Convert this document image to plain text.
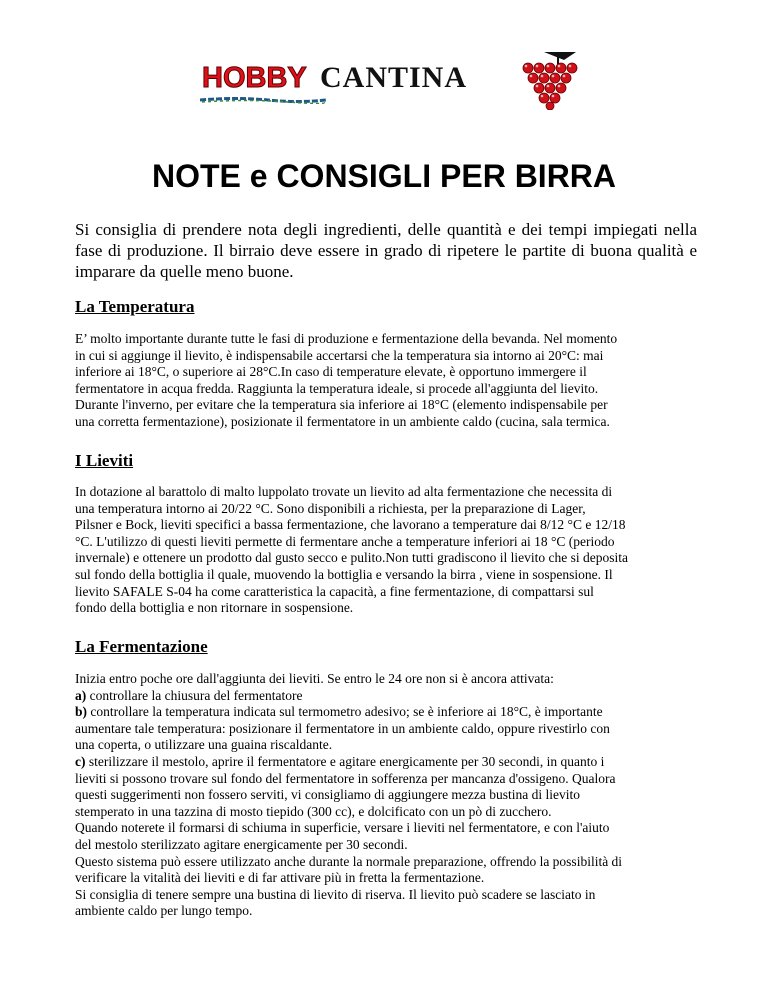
HOBBY CANTINA
NOTE e CONSIGLI PER BIRRA

Si consiglia di prendere nota degli ingredienti, delle quantità e dei tempi impiegati nella fase di produzione. Il birraio deve essere in grado di ripetere le partite di buona qualità e imparare da quelle meno buone.

La Temperatura
E’ molto importante durante tutte le fasi di produzione e fermentazione della bevanda. Nel momento
in cui si aggiunge il lievito, è indispensabile accertarsi che la temperatura sia intorno ai 20°C: mai
inferiore ai 18°C, o superiore ai 28°C.In caso di temperature elevate, è opportuno immergere il
fermentatore in acqua fredda. Raggiunta la temperatura ideale, si procede all'aggiunta del lievito.
Durante l'inverno, per evitare che la temperatura sia inferiore ai 18°C (elemento indispensabile per
una corretta fermentazione), posizionate il fermentatore in un ambiente caldo (cucina, sala termica.
I Lieviti
In dotazione al barattolo di malto luppolato trovate un lievito ad alta fermentazione che necessita di
una temperatura intorno ai 20/22 °C. Sono disponibili a richiesta, per la preparazione di Lager,
Pilsner e Bock, lieviti specifici a bassa fermentazione, che lavorano a temperature dai 8/12 °C e 12/18
°C. L'utilizzo di questi lieviti permette di fermentare anche a temperature inferiori ai 18 °C (periodo
invernale) e ottenere un prodotto dal gusto secco e pulito.Non tutti gradiscono il lievito che si deposita
sul fondo della bottiglia il quale, muovendo la bottiglia e versando la birra , viene in sospensione. Il
lievito SAFALE S-04 ha come caratteristica la capacità, a fine fermentazione, di compattarsi sul
fondo della bottiglia e non ritornare in sospensione.
La Fermentazione
Inizia entro poche ore dall'aggiunta dei lieviti. Se entro le 24 ore non si è ancora attivata:
a) controllare la chiusura del fermentatore
b) controllare la temperatura indicata sul termometro adesivo; se è inferiore ai 18°C, è importante
aumentare tale temperatura: posizionare il fermentatore in un ambiente caldo, oppure rivestirlo con
una coperta, o utilizzare una guaina riscaldante.
c) sterilizzare il mestolo, aprire il fermentatore e agitare energicamente per 30 secondi, in quanto i
lieviti si possono trovare sul fondo del fermentatore in sofferenza per mancanza d'ossigeno. Qualora
questi suggerimenti non fossero serviti, vi consigliamo di aggiungere mezza bustina di lievito
stemperato in una tazzina di mosto tiepido (300 cc), e dolcificato con un pò di zucchero.
Quando noterete il formarsi di schiuma in superficie, versare i lieviti nel fermentatore, e con l'aiuto
del mestolo sterilizzato agitare energicamente per 30 secondi.
Questo sistema può essere utilizzato anche durante la normale preparazione, offrendo la possibilità di
verificare la vitalità dei lieviti e di far attivare più in fretta la fermentazione.
Si consiglia di tenere sempre una bustina di lievito di riserva. Il lievito può scadere se lasciato in
ambiente caldo per lungo tempo.
